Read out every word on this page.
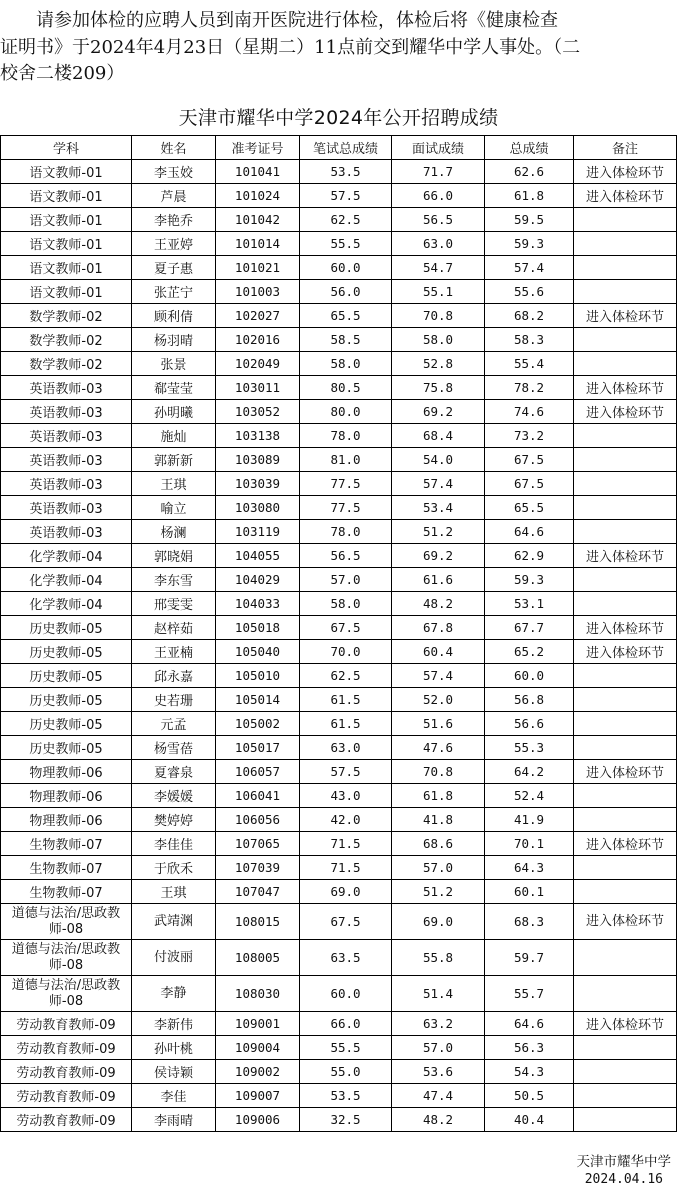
请参加体检的应聘人员到南开医院进行体检，体检后将《健康检查
证明书》于2024年4月23日（星期二）11点前交到耀华中学人事处。（二
校舍二楼209）
天津市耀华中学2024年公开招聘成绩
学科	姓名	准考证号	笔试总成绩	面试成绩	总成绩	备注
语文教师-01	李玉姣	101041	53.5	71.7	62.6	进入体检环节
语文教师-01	芦晨	101024	57.5	66.0	61.8	进入体检环节
语文教师-01	李艳乔	101042	62.5	56.5	59.5	
语文教师-01	王亚婷	101014	55.5	63.0	59.3	
语文教师-01	夏子惠	101021	60.0	54.7	57.4	
语文教师-01	张芷宁	101003	56.0	55.1	55.6	
数学教师-02	顾利倩	102027	65.5	70.8	68.2	进入体检环节
数学教师-02	杨羽晴	102016	58.5	58.0	58.3	
数学教师-02	张景	102049	58.0	52.8	55.4	
英语教师-03	郗莹莹	103011	80.5	75.8	78.2	进入体检环节
英语教师-03	孙明曦	103052	80.0	69.2	74.6	进入体检环节
英语教师-03	施灿	103138	78.0	68.4	73.2	
英语教师-03	郭新新	103089	81.0	54.0	67.5	
英语教师-03	王琪	103039	77.5	57.4	67.5	
英语教师-03	喻立	103080	77.5	53.4	65.5	
英语教师-03	杨澜	103119	78.0	51.2	64.6	
化学教师-04	郭晓娟	104055	56.5	69.2	62.9	进入体检环节
化学教师-04	李东雪	104029	57.0	61.6	59.3	
化学教师-04	邢雯雯	104033	58.0	48.2	53.1	
历史教师-05	赵梓茹	105018	67.5	67.8	67.7	进入体检环节
历史教师-05	王亚楠	105040	70.0	60.4	65.2	进入体检环节
历史教师-05	邱永嘉	105010	62.5	57.4	60.0	
历史教师-05	史若珊	105014	61.5	52.0	56.8	
历史教师-05	元孟	105002	61.5	51.6	56.6	
历史教师-05	杨雪蓓	105017	63.0	47.6	55.3	
物理教师-06	夏睿泉	106057	57.5	70.8	64.2	进入体检环节
物理教师-06	李媛媛	106041	43.0	61.8	52.4	
物理教师-06	樊婷婷	106056	42.0	41.8	41.9	
生物教师-07	李佳佳	107065	71.5	68.6	70.1	进入体检环节
生物教师-07	于欣禾	107039	71.5	57.0	64.3	
生物教师-07	王琪	107047	69.0	51.2	60.1	
道德与法治/思政教师-08	武靖渊	108015	67.5	69.0	68.3	进入体检环节
道德与法治/思政教师-08	付波丽	108005	63.5	55.8	59.7	
道德与法治/思政教师-08	李静	108030	60.0	51.4	55.7	
劳动教育教师-09	李新伟	109001	66.0	63.2	64.6	进入体检环节
劳动教育教师-09	孙叶桃	109004	55.5	57.0	56.3	
劳动教育教师-09	侯诗颖	109002	55.0	53.6	54.3	
劳动教育教师-09	李佳	109007	53.5	47.4	50.5	
劳动教育教师-09	李雨晴	109006	32.5	48.2	40.4	
天津市耀华中学
2024.04.16
